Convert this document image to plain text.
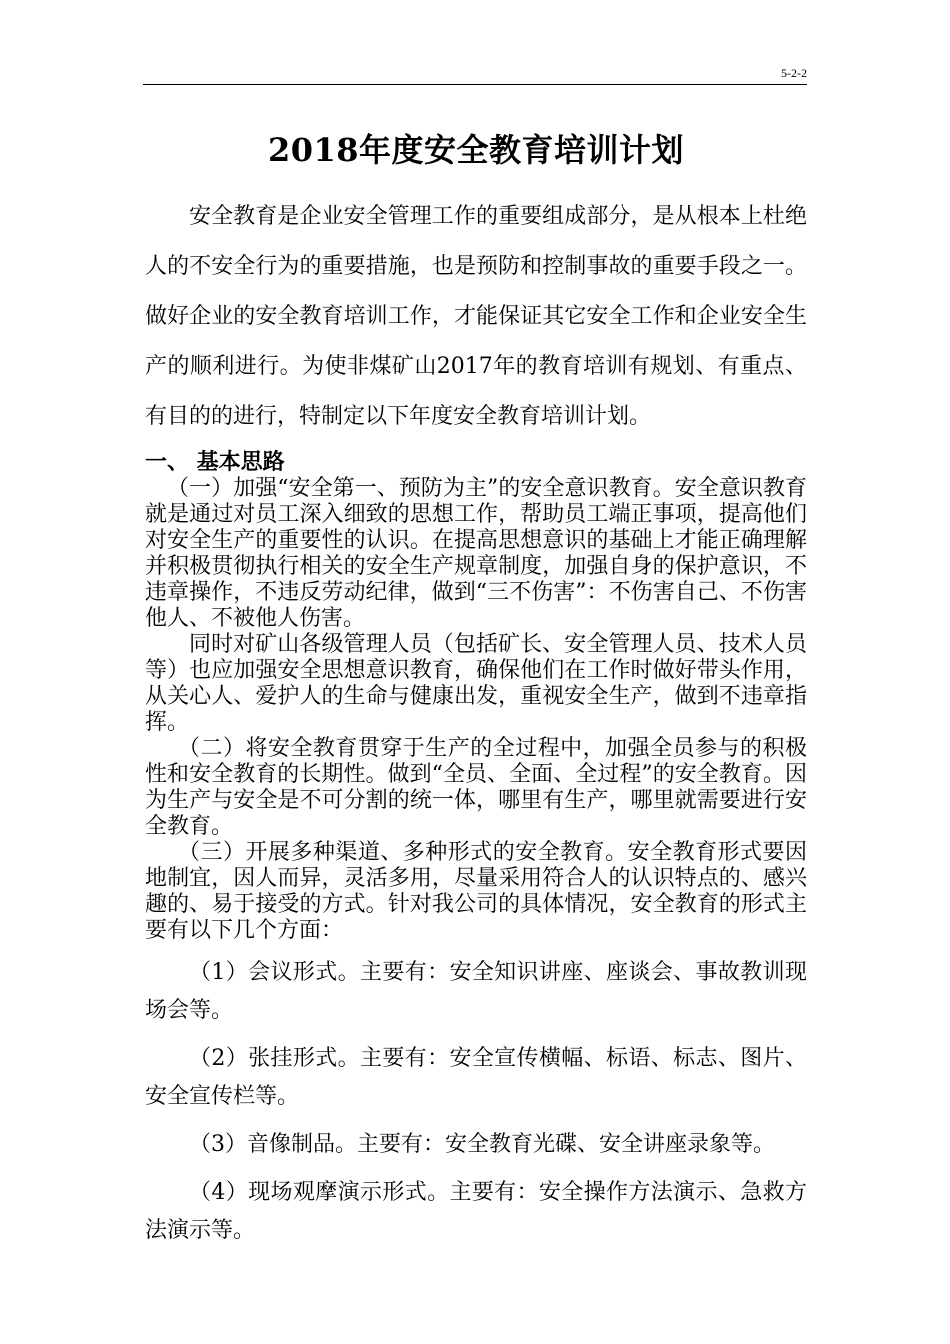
5-2-2
2018年度安全教育培训计划

安全教育是企业安全管理工作的重要组成部分，是从根本上杜绝人的不安全行为的重要措施，也是预防和控制事故的重要手段之一。做好企业的安全教育培训工作，才能保证其它安全工作和企业安全生产的顺利进行。为使非煤矿山2017年的教育培训有规划、有重点、有目的的进行，特制定以下年度安全教育培训计划。

一、 基本思路

（一）加强“安全第一、预防为主”的安全意识教育。安全意识教育就是通过对员工深入细致的思想工作，帮助员工端正事项，提高他们对安全生产的重要性的认识。在提高思想意识的基础上才能正确理解并积极贯彻执行相关的安全生产规章制度，加强自身的保护意识，不违章操作，不违反劳动纪律，做到“三不伤害”：不伤害自己、不伤害他人、不被他人伤害。

同时对矿山各级管理人员（包括矿长、安全管理人员、技术人员等）也应加强安全思想意识教育，确保他们在工作时做好带头作用，从关心人、爱护人的生命与健康出发，重视安全生产，做到不违章指挥。

（二）将安全教育贯穿于生产的全过程中，加强全员参与的积极性和安全教育的长期性。做到“全员、全面、全过程”的安全教育。因为生产与安全是不可分割的统一体，哪里有生产，哪里就需要进行安全教育。

（三）开展多种渠道、多种形式的安全教育。安全教育形式要因地制宜，因人而异，灵活多用，尽量采用符合人的认识特点的、感兴趣的、易于接受的方式。针对我公司的具体情况，安全教育的形式主要有以下几个方面：

（1）会议形式。主要有：安全知识讲座、座谈会、事故教训现场会等。

（2）张挂形式。主要有：安全宣传横幅、标语、标志、图片、安全宣传栏等。

（3）音像制品。主要有：安全教育光碟、安全讲座录象等。

（4）现场观摩演示形式。主要有：安全操作方法演示、急救方法演示等。
